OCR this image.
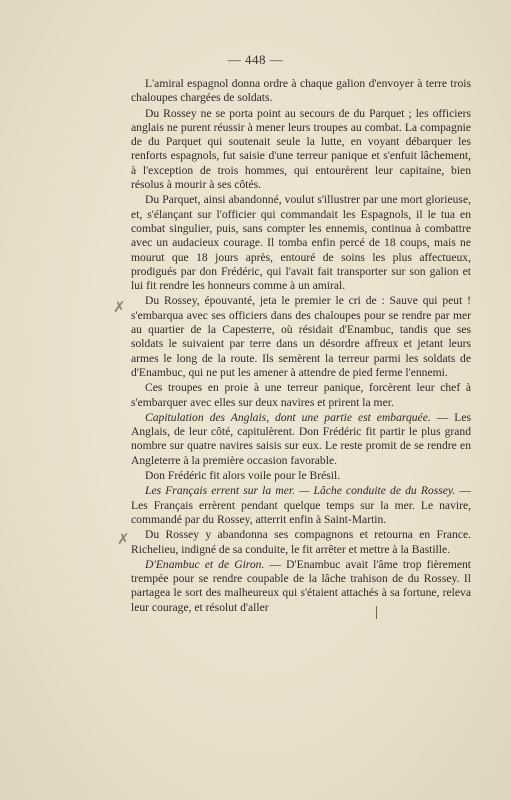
— 448 —
✗
✗

L'amiral espagnol donna ordre à chaque galion d'envoyer à terre trois chaloupes chargées de soldats.

Du Rossey ne se porta point au secours de du Parquet ; les officiers anglais ne purent réussir à mener leurs troupes au combat. La compagnie de du Parquet qui soutenait seule la lutte, en voyant débarquer les renforts espagnols, fut saisie d'une terreur panique et s'enfuit lâchement, à l'exception de trois hommes, qui entourèrent leur capitaine, bien résolus à mourir à ses côtés.

Du Parquet, ainsi abandonné, voulut s'illustrer par une mort glorieuse, et, s'élançant sur l'officier qui commandait les Espagnols, il le tua en combat singulier, puis, sans compter les ennemis, continua à combattre avec un audacieux courage. Il tomba enfin percé de 18 coups, mais ne mourut que 18 jours après, entouré de soins les plus affectueux, prodigués par don Frédéric, qui l'avait fait transporter sur son galion et lui fit rendre les honneurs comme à un amiral.

Du Rossey, épouvanté, jeta le premier le cri de : Sauve qui peut ! s'embarqua avec ses officiers dans des chaloupes pour se rendre par mer au quartier de la Capesterre, où résidait d'Enambuc, tandis que ses soldats le suivaient par terre dans un désordre affreux et jetant leurs armes le long de la route. Ils semèrent la terreur parmi les soldats de d'Enambuc, qui ne put les amener à attendre de pied ferme l'ennemi.

Ces troupes en proie à une terreur panique, forcèrent leur chef à s'embarquer avec elles sur deux navires et prirent la mer.

Capitulation des Anglais, dont une partie est embarquée. — Les Anglais, de leur côté, capitulèrent. Don Frédéric fit partir le plus grand nombre sur quatre navires saisis sur eux. Le reste promit de se rendre en Angleterre à la première occasion favorable.

Don Frédéric fit alors voile pour le Brésil.

Les Français errent sur la mer. — Lâche conduite de du Rossey. — Les Français errèrent pendant quelque temps sur la mer. Le navire, commandé par du Rossey, atterrit enfin à Saint-Martin.

Du Rossey y abandonna ses compagnons et retourna en France. Richelieu, indigné de sa conduite, le fit arrêter et mettre à la Bastille.

D'Enambuc et de Giron. — D'Enambuc avait l'âme trop fièrement trempée pour se rendre coupable de la lâche trahison de du Rossey. Il partagea le sort des malheureux qui s'étaient attachés à sa fortune, releva leur courage, et résolut d'aller
